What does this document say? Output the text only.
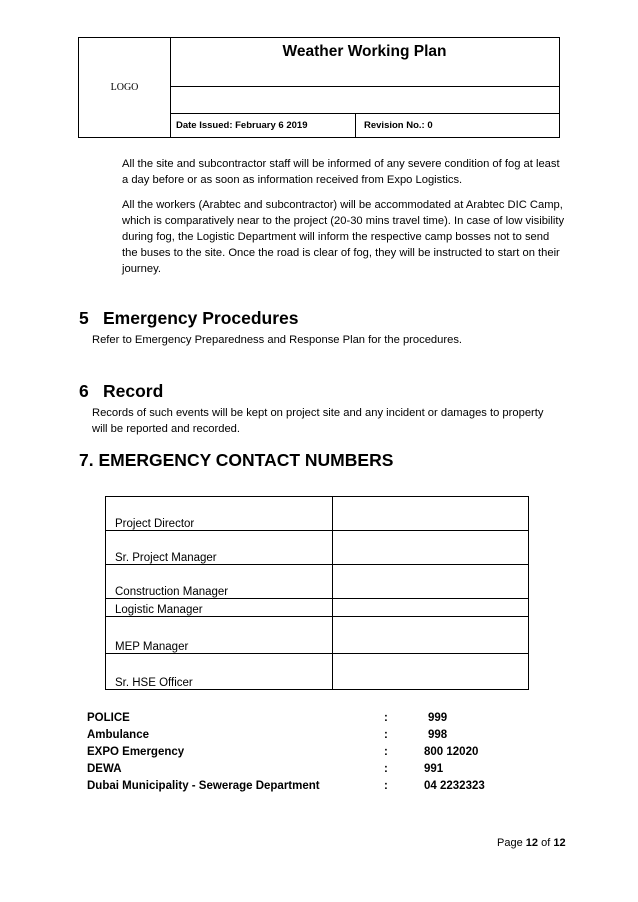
LOGO
Weather Working Plan
Date Issued: February 6 2019	Revision No.: 0
All the site and subcontractor staff will be informed of any severe condition of fog at least a day before or as soon as information received from Expo Logistics.
All the workers (Arabtec and subcontractor) will be accommodated at Arabtec DIC Camp, which is comparatively near to the project (20-30 mins travel time). In case of low visibility during fog, the Logistic Department will inform the respective camp bosses not to send the buses to the site. Once the road is clear of fog, they will be instructed to start on their journey.
5 Emergency Procedures
Refer to Emergency Preparedness and Response Plan for the procedures.
6 Record
Records of such events will be kept on project site and any incident or damages to property will be reported and recorded.
7. EMERGENCY CONTACT NUMBERS
Project Director	
Sr. Project Manager	
Construction Manager	
Logistic Manager	
MEP Manager	
Sr. HSE Officer	
POLICE	:	999
Ambulance	:	998
EXPO Emergency	:	800 12020
DEWA	:	991
Dubai Municipality - Sewerage Department	:	04 2232323
Page 12 of 12
